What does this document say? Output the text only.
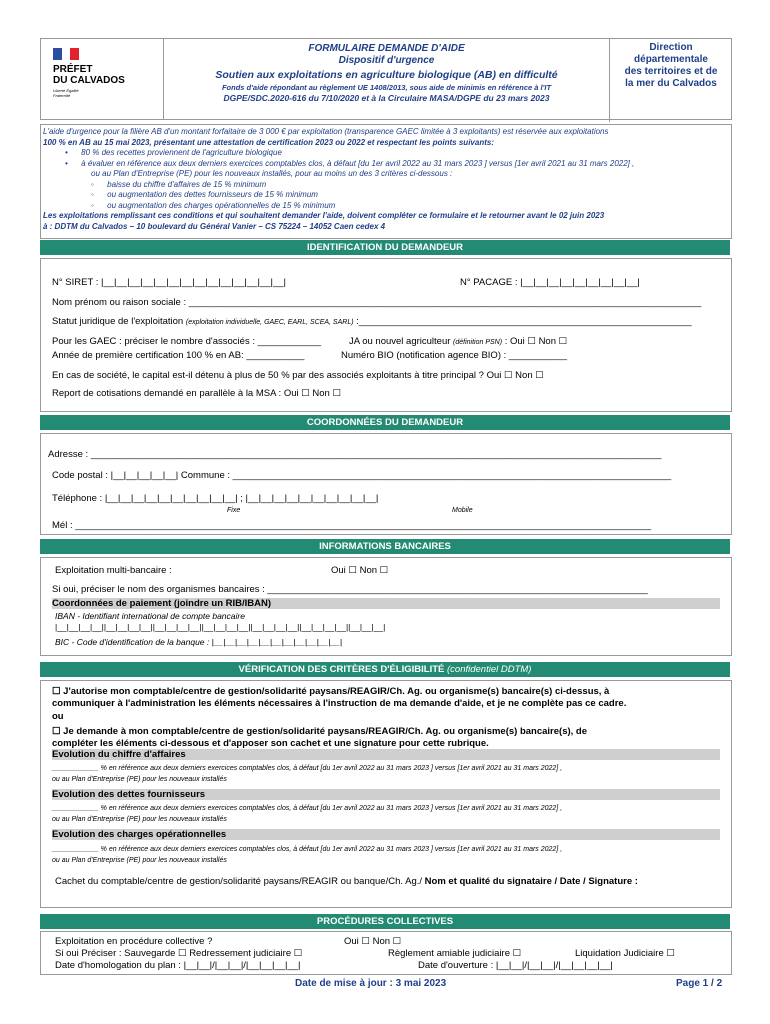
PRÉFET
DU CALVADOS
Liberté Égalité Fraternité
FORMULAIRE DEMANDE D'AIDE
Dispositif d'urgence
Soutien aux exploitations en agriculture biologique (AB) en difficulté
Fonds d'aide répondant au règlement UE 1408/2013, sous aide de minimis en référence à l'IT
DGPE/SDC.2020-616 du 7/10/2020 et à la Circulaire MASA/DGPE du 23 mars 2023
Direction
départementale
des territoires et de
la mer du Calvados
L'aide d'urgence pour la filière AB d'un montant forfaitaire de 3 000 € par exploitation (transparence GAEC limitée à 3 exploitants) est réservée aux exploitations
100 % en AB au 15 mai 2023, présentant une attestation de certification 2023 ou 2022 et respectant les points suivants:
•      80 % des recettes proviennent de l'agriculture biologique
•      à évaluer en référence aux deux derniers exercices comptables clos, à défaut [du 1er avril 2022 au 31 mars 2023 ] versus [1er avril 2021 au 31 mars 2022] ,
ou au Plan d'Entreprise (PE) pour les nouveaux installés, pour au moins un des 3 critères ci-dessous :
◦      baisse du chiffre d'affaires de 15 % minimum
◦      ou augmentation des dettes fournisseurs de 15 % minimum
◦      ou augmentation des charges opérationnelles de 15 % minimum
Les exploitations remplissant ces conditions et qui souhaitent demander l'aide, doivent compléter ce formulaire et le retourner avant le 02 juin 2023
à : DDTM du Calvados – 10 boulevard du Général Vanier – CS 75224 – 14052 Caen cedex 4
IDENTIFICATION DU DEMANDEUR
N° SIRET : |__|__|__|__|__|__|__|__|__|__|__|__|__|__|	N° PACAGE : |__|__|__|__|__|__|__|__|__|
Nom prénom ou raison sociale : _________________________________________________________________________________________________
Statut juridique de l'exploitation (exploitation individuelle, GAEC, EARL, SCEA, SARL) :_______________________________________________________________
Pour les GAEC : préciser le nombre d'associés : ____________	JA ou nouvel agriculteur (définition PSN) : Oui ☐ Non ☐
Année de première certification 100 % en AB: ___________	Numéro BIO (notification agence BIO) : ___________
En cas de société, le capital est-il détenu à plus de 50 % par des associés exploitants à titre principal ? Oui ☐ Non ☐
Report de cotisations demandé en parallèle à la MSA : Oui ☐ Non ☐
COORDONNÉES DU DEMANDEUR
Adresse : ____________________________________________________________________________________________________________
Code postal : |__|__|__|__|__| Commune : ___________________________________________________________________________________
Téléphone : |__|__|__|__|__|__|__|__|__|__| ; |__|__|__|__|__|__|__|__|__|__|
Fixe	Mobile
Mél : _____________________________________________________________________________________________________________
INFORMATIONS BANCAIRES
Exploitation multi-bancaire :	Oui ☐ Non ☐
Si oui, préciser le nom des organismes bancaires : ________________________________________________________________________
Coordonnées de paiement (joindre un RIB/IBAN)
IBAN - Identifiant international de compte bancaire
|__|__|__|__||__|__|__|__||__|__|__|__||__|__|__|__||__|__|__|__||__|__|__|__||__|__|__|
BIC - Code d'identification de la banque : |__|__|__|__|__|__|__|__|__|__|__|
VÉRIFICATION DES CRITÈRES D'ÉLIGIBILITÉ (confidentiel DDTM)
☐ J'autorise mon comptable/centre de gestion/solidarité paysans/REAGIR/Ch. Ag. ou organisme(s) bancaire(s) ci-dessus, à
communiquer à l'administration les éléments nécessaires à l'instruction de ma demande d'aide, et je ne complète pas ce cadre.
ou
☐ Je demande à mon comptable/centre de gestion/solidarité paysans/REAGIR/Ch. Ag. ou organisme(s) bancaire(s), de
compléter les éléments ci-dessous et d'apposer son cachet et une signature pour cette rubrique.
Evolution du chiffre d'affaires
____________ % en référence aux deux derniers exercices comptables clos, à défaut [du 1er avril 2022 au 31 mars 2023 ] versus [1er avril 2021 au 31 mars 2022] ,
ou au Plan d'Entreprise (PE) pour les nouveaux installés
Evolution des dettes fournisseurs
____________ % en référence aux deux derniers exercices comptables clos, à défaut [du 1er avril 2022 au 31 mars 2023 ] versus [1er avril 2021 au 31 mars 2022] ,
ou au Plan d'Entreprise (PE) pour les nouveaux installés
Evolution des charges opérationnelles
____________ % en référence aux deux derniers exercices comptables clos, à défaut [du 1er avril 2022 au 31 mars 2023 ] versus [1er avril 2021 au 31 mars 2022] ,
ou au Plan d'Entreprise (PE) pour les nouveaux installés
Cachet du comptable/centre de gestion/solidarité paysans/REAGIR ou banque/Ch. Ag./ Nom et qualité du signataire / Date / Signature :
PROCÉDURES COLLECTIVES
Exploitation en procédure collective ?	Oui ☐ Non ☐
Si oui Préciser : Sauvegarde ☐ Redressement judiciaire ☐	Règlement amiable judiciaire ☐	Liquidation Judiciaire ☐
Date d'homologation du plan : |__|__|/|__|__|/|__|__|__|__|	Date d'ouverture : |__|__|/|__|__|/|__|__|__|__|
Date de mise à jour : 3 mai 2023	Page 1 / 2
